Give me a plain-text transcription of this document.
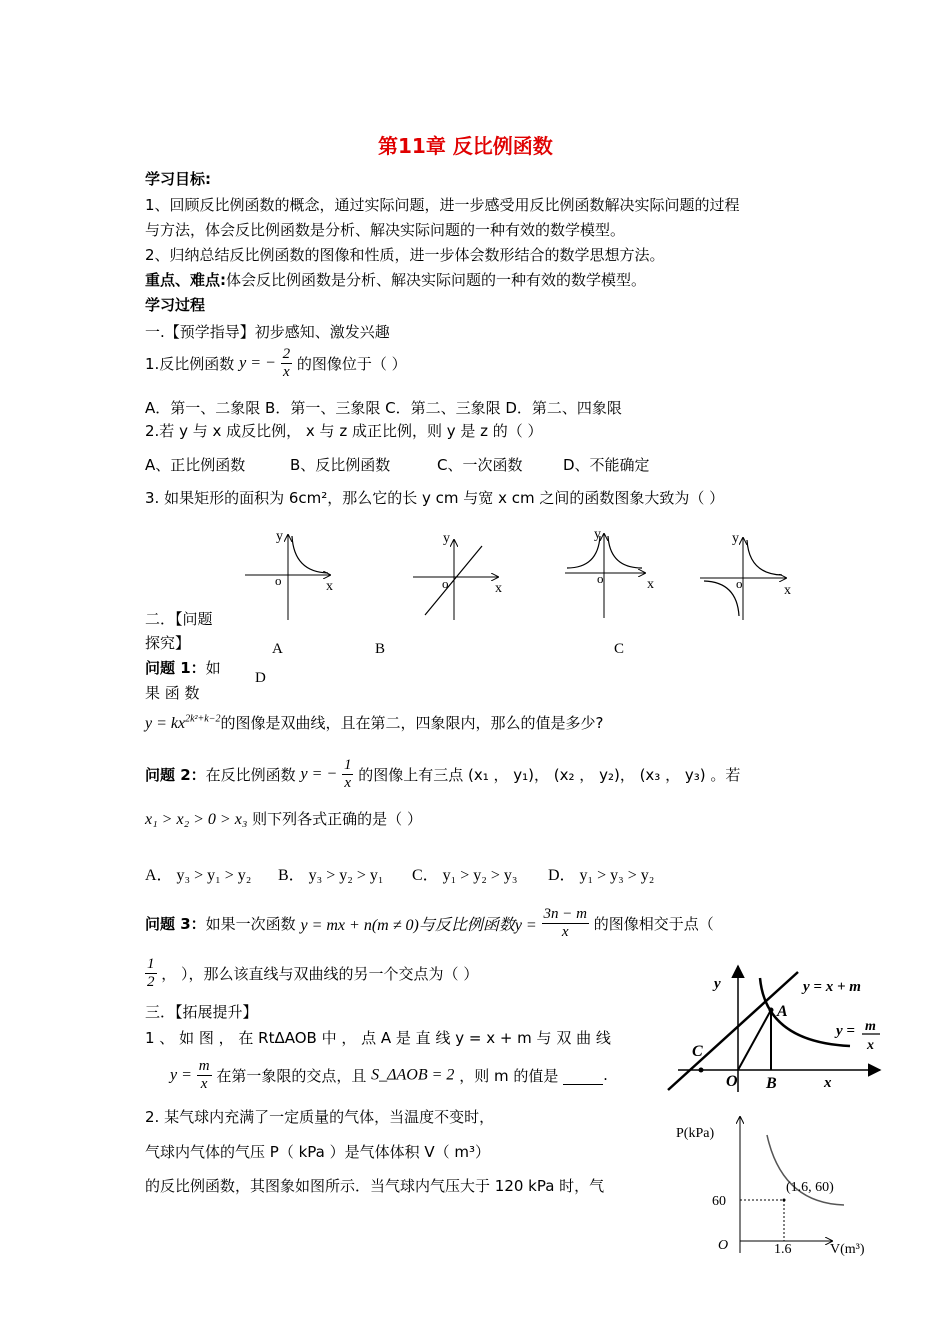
第11章 反比例函数
学习目标:
1、回顾反比例函数的概念，通过实际问题，进一步感受用反比例函数解决实际问题的过程
与方法，体会反比例函数是分析、解决实际问题的一种有效的数学模型。
2、归纳总结反比例函数的图像和性质，进一步体会数形结合的数学思想方法。
重点、难点:体会反比例函数是分析、解决实际问题的一种有效的数学模型。
学习过程
一.【预学指导】初步感知、激发兴趣
1.反比例函数 y = − $\frac{2}{x}$ 的图像位于（ ）
A．第一、二象限 B．第一、三象限 C．第二、三象限 D．第二、四象限
2.若 y 与 x 成反比例， x 与 z 成正比例，则 y 是 z 的（ ）
A、正比例函数	B、反比例函数	C、一次函数	D、不能确定
3. 如果矩形的面积为 6cm²，那么它的长 y cm 与宽 x cm 之间的函数图象大致为（ ）
y
o	x
y
o	x
y
o	x
y
o	x
A	B	C
D
二．【问题
探究】
问题 1：如
果 函 数
$y = kx^{2k^2+k-2}$的图像是双曲线，且在第二，四象限内，那么的值是多少?
问题 2：在反比例函数 y = − $\frac{1}{x}$ 的图像上有三点 (x₁ ， y₁)， (x₂ ， y₂)， (x₃ ， y₃) 。若
x₁ > x₂ > 0 > x₃ 则下列各式正确的是（ ）
A． y₃ > y₁ > y₂ B． y₃ > y₂ > y₁ C． y₁ > y₂ > y₃ D． y₁ > y₃ > y₂
问题 3：如果一次函数 y = mx + n(m ≠ 0)与反比例函数$y = \frac{3n - m}{x}$ 的图像相交于点（
$\frac{1}{2}$ ， ），那么该直线与双曲线的另一个交点为（ ）
三．【拓展提升】
1 、 如 图 ， 在 RtΔAOB 中 ， 点 A 是 直 线 y = x + m 与 双 曲 线
$y = \frac{m}{x}$ 在第一象限的交点，且 S_ΔAOB = 2 ，则 m 的值是	.
2. 某气球内充满了一定质量的气体，当温度不变时，
气球内气体的气压 P（ kPa ）是气体体积 V（ m³）
的反比例函数，其图象如图所示．当气球内气压大于 120 kPa 时，气
y	y = x + m
A
y = m
x
C
O B	x
P(kPa)
(1.6, 60)
60
O	1.6	V(m³)
